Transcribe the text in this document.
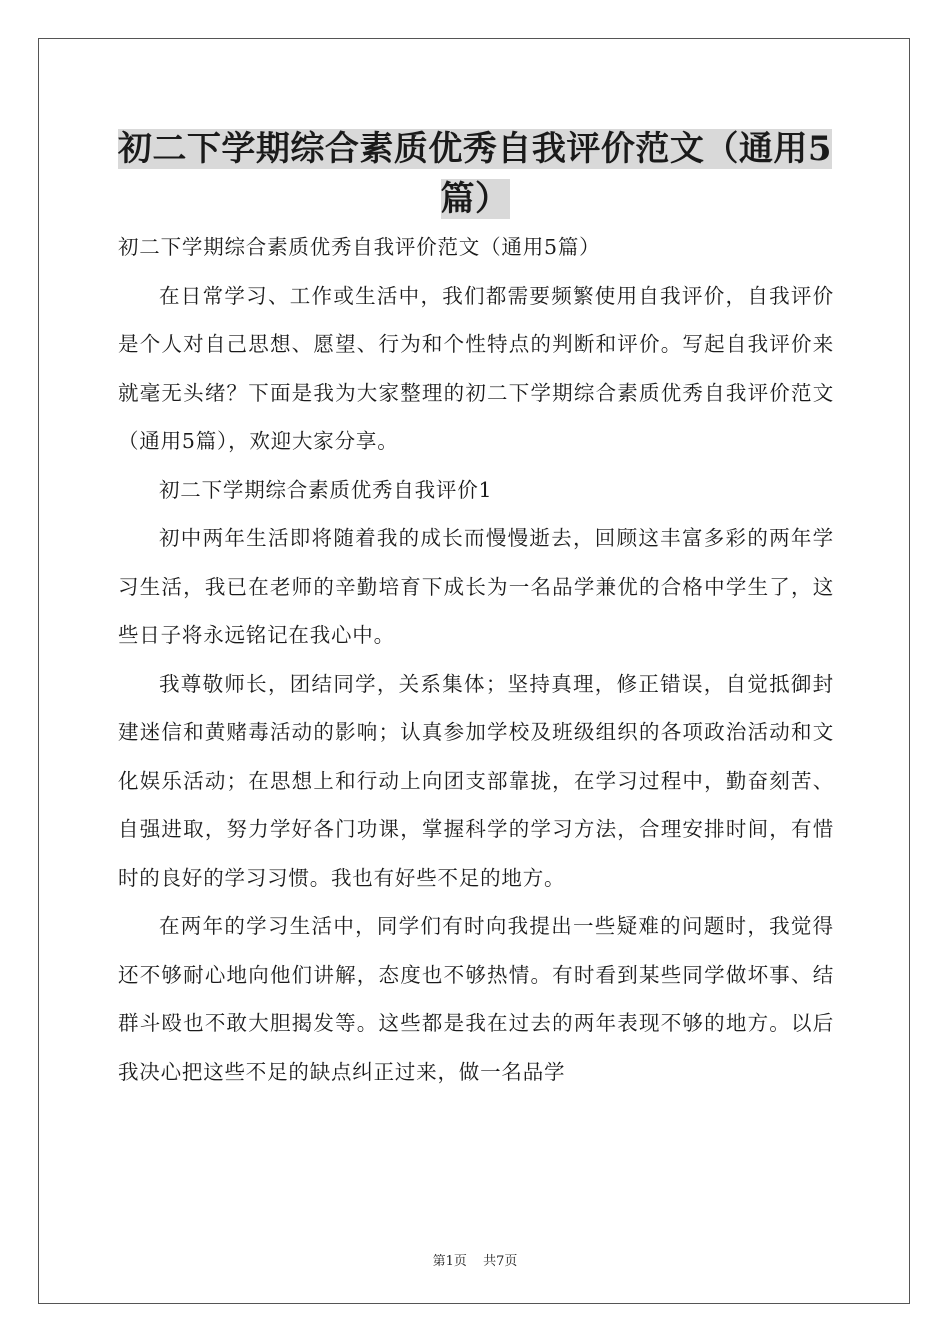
初二下学期综合素质优秀自我评价范文（通用5篇）

初二下学期综合素质优秀自我评价范文（通用5篇）

在日常学习、工作或生活中，我们都需要频繁使用自我评价，自我评价是个人对自己思想、愿望、行为和个性特点的判断和评价。写起自我评价来就毫无头绪？下面是我为大家整理的初二下学期综合素质优秀自我评价范文（通用5篇），欢迎大家分享。

初二下学期综合素质优秀自我评价1

初中两年生活即将随着我的成长而慢慢逝去，回顾这丰富多彩的两年学习生活，我已在老师的辛勤培育下成长为一名品学兼优的合格中学生了，这些日子将永远铭记在我心中。

我尊敬师长，团结同学，关系集体；坚持真理，修正错误，自觉抵御封建迷信和黄赌毒活动的影响；认真参加学校及班级组织的各项政治活动和文化娱乐活动；在思想上和行动上向团支部靠拢，在学习过程中，勤奋刻苦、自强进取，努力学好各门功课，掌握科学的学习方法，合理安排时间，有惜时的良好的学习习惯。我也有好些不足的地方。

在两年的学习生活中，同学们有时向我提出一些疑难的问题时，我觉得还不够耐心地向他们讲解，态度也不够热情。有时看到某些同学做坏事、结群斗殴也不敢大胆揭发等。这些都是我在过去的两年表现不够的地方。以后我决心把这些不足的缺点纠正过来，做一名品学

第1页 共7页
